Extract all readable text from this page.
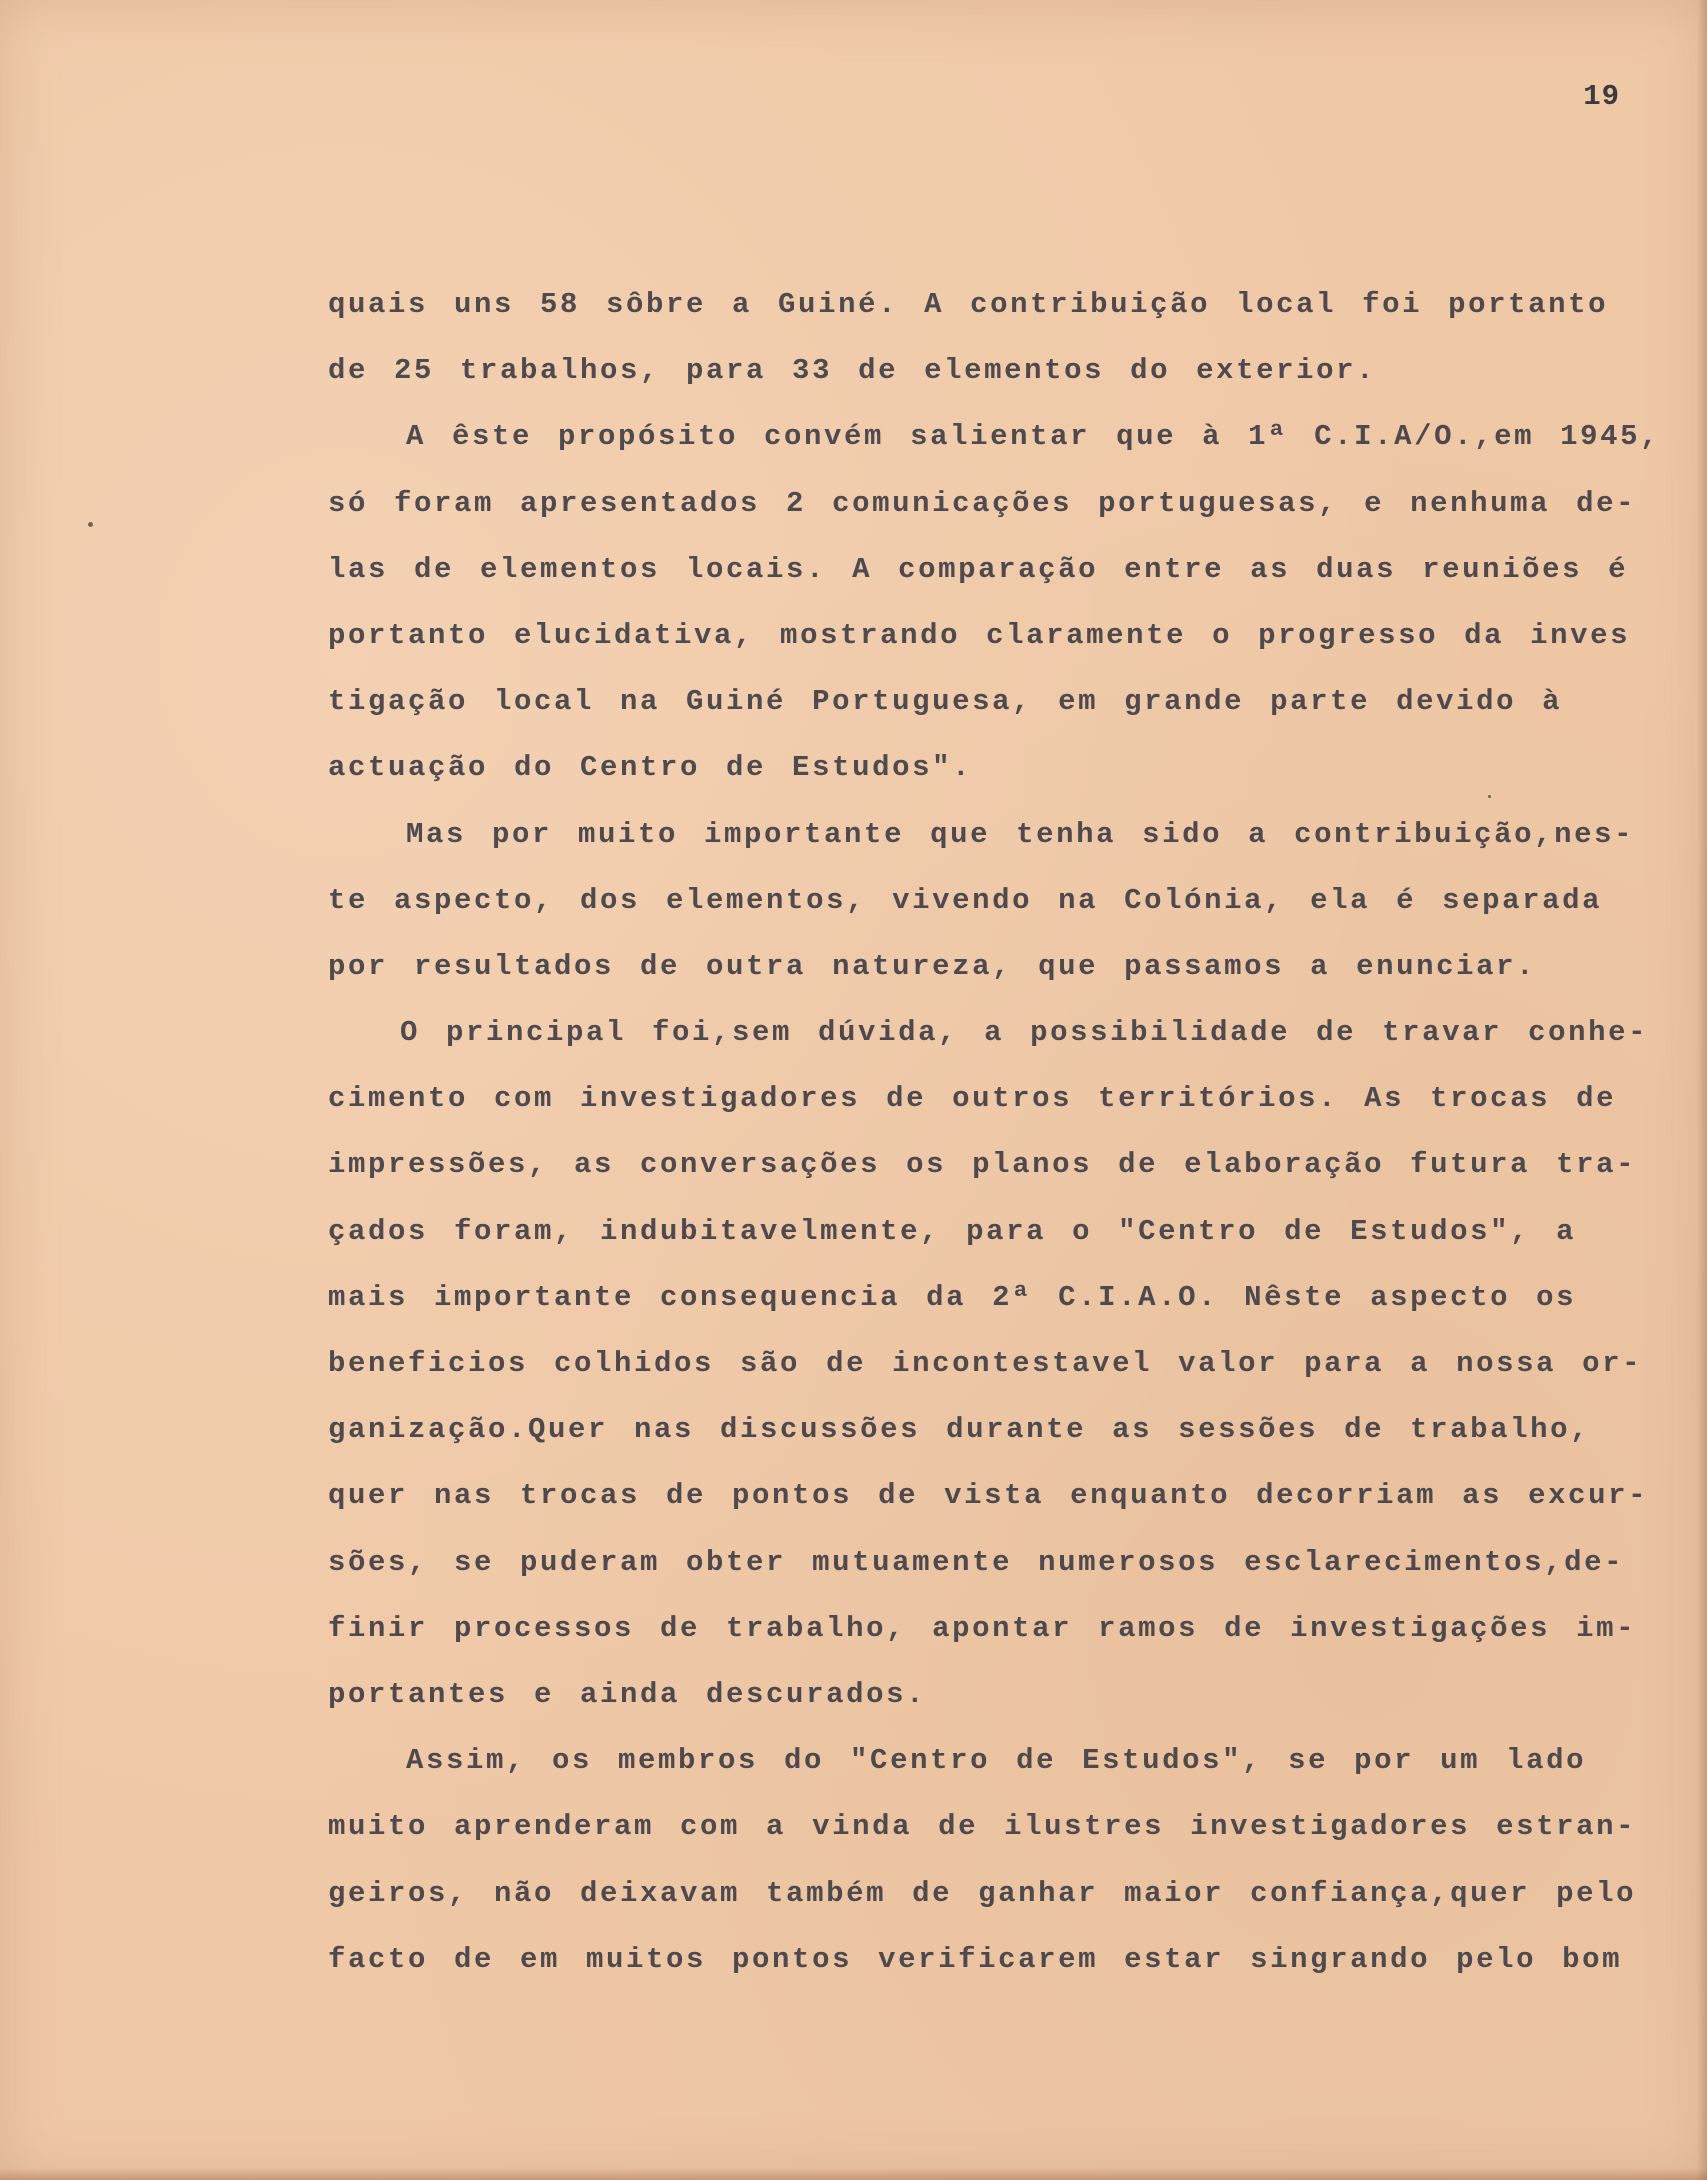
19
quais uns 58 sôbre a Guiné. A contribuição local foi portanto
de 25 trabalhos, para 33 de elementos do exterior.
A êste propósito convém salientar que à 1ª C.I.A/O.,em 1945,
só foram apresentados 2 comunicações portuguesas, e nenhuma de-
las de elementos locais. A comparação entre as duas reuniões é
portanto elucidativa, mostrando claramente o progresso da inves
tigação local na Guiné Portuguesa, em grande parte devido à
actuação do Centro de Estudos".
Mas por muito importante que tenha sido a contribuição,nes-
te aspecto, dos elementos, vivendo na Colónia, ela é separada
por resultados de outra natureza, que passamos a enunciar.
O principal foi,sem dúvida, a possibilidade de travar conhe-
cimento com investigadores de outros territórios. As trocas de
impressões, as conversações os planos de elaboração futura tra-
çados foram, indubitavelmente, para o "Centro de Estudos", a
mais importante consequencia da 2ª C.I.A.O. Nêste aspecto os
beneficios colhidos são de incontestavel valor para a nossa or-
ganização.Quer nas discussões durante as sessões de trabalho,
quer nas trocas de pontos de vista enquanto decorriam as excur-
sões, se puderam obter mutuamente numerosos esclarecimentos,de-
finir processos de trabalho, apontar ramos de investigações im-
portantes e ainda descurados.
Assim, os membros do "Centro de Estudos", se por um lado
muito aprenderam com a vinda de ilustres investigadores estran-
geiros, não deixavam também de ganhar maior confiança,quer pelo
facto de em muitos pontos verificarem estar singrando pelo bom
